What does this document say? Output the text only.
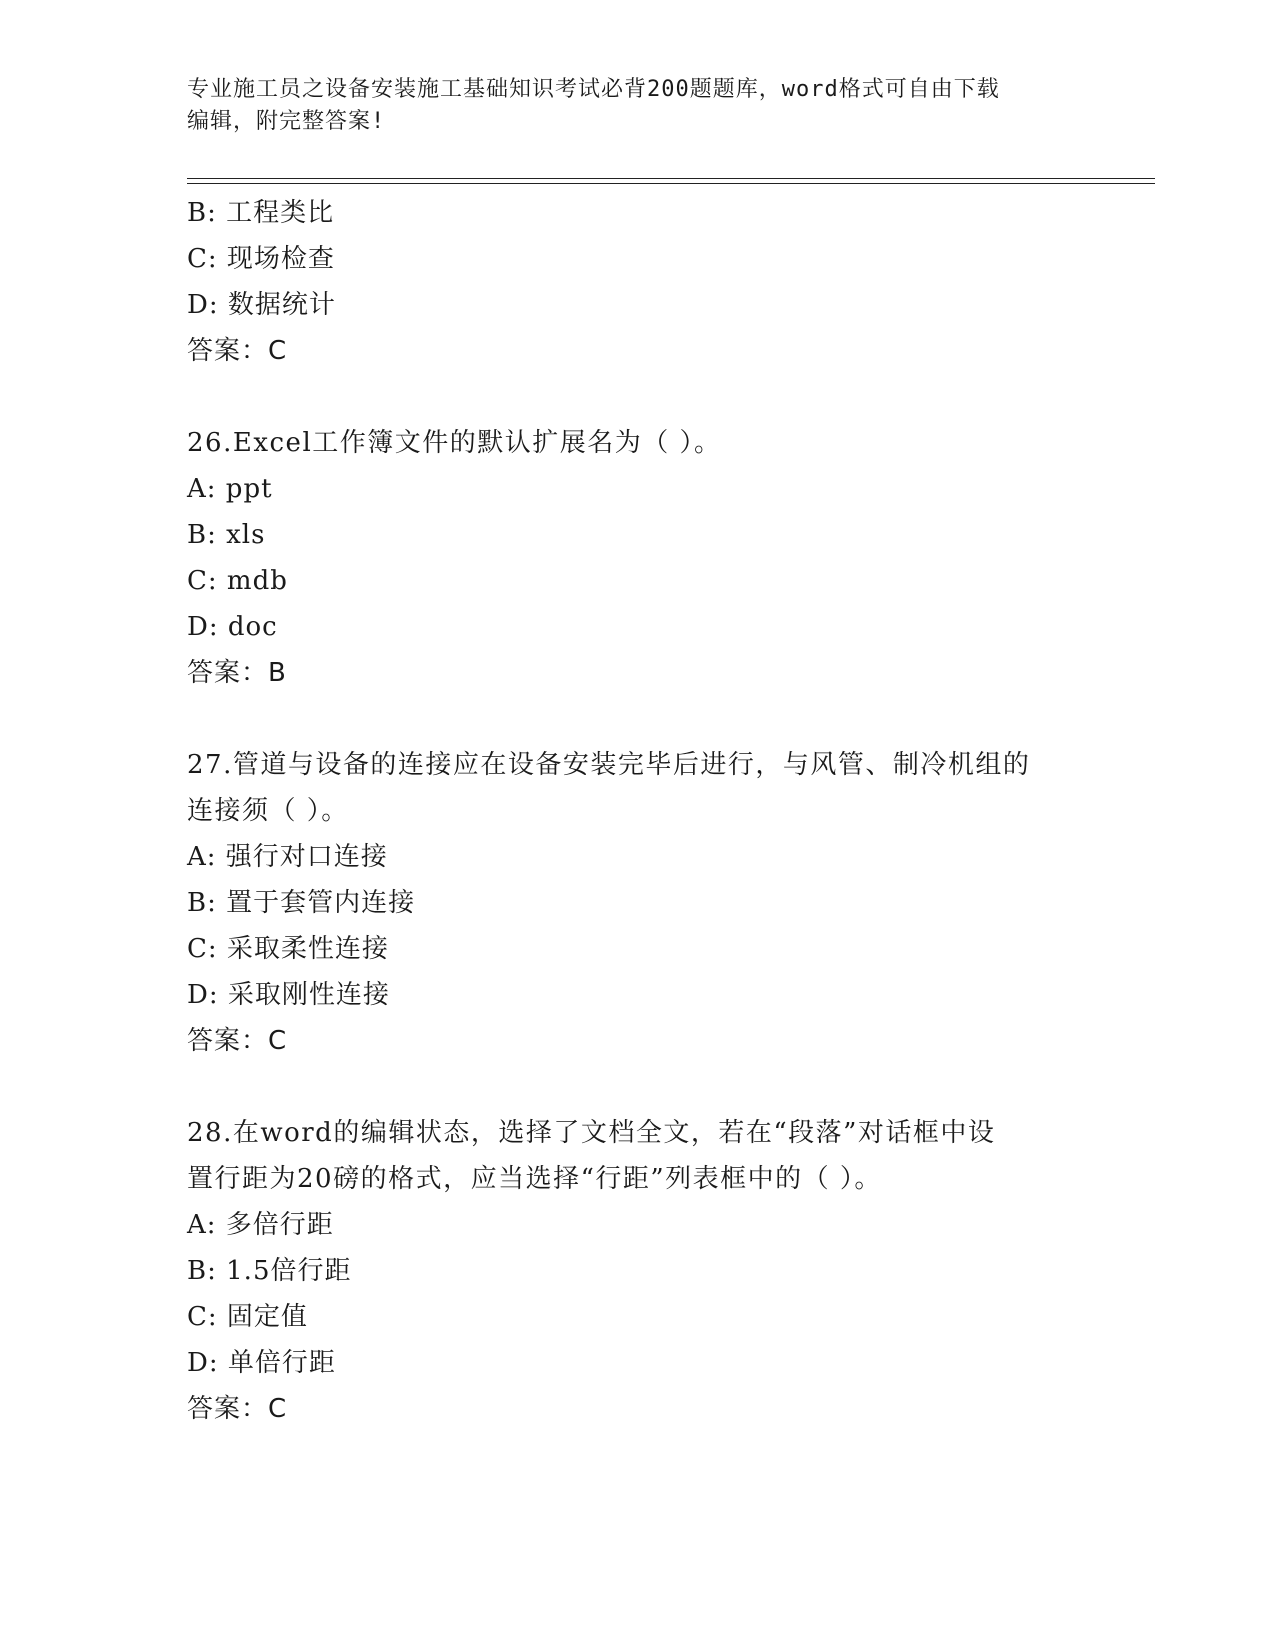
专业施工员之设备安装施工基础知识考试必背200题题库，word格式可自由下载
编辑，附完整答案!
B: 工程类比
C: 现场检查
D: 数据统计
答案：C
26.Excel工作簿文件的默认扩展名为（ ）。
A: ppt
B: xls
C: mdb
D: doc
答案：B
27.管道与设备的连接应在设备安装完毕后进行，与风管、制冷机组的
连接须（ ）。
A: 强行对口连接
B: 置于套管内连接
C: 采取柔性连接
D: 采取刚性连接
答案：C
28.在word的编辑状态，选择了文档全文，若在“段落”对话框中设
置行距为20磅的格式，应当选择“行距”列表框中的（ ）。
A: 多倍行距
B: 1.5倍行距
C: 固定值
D: 单倍行距
答案：C
